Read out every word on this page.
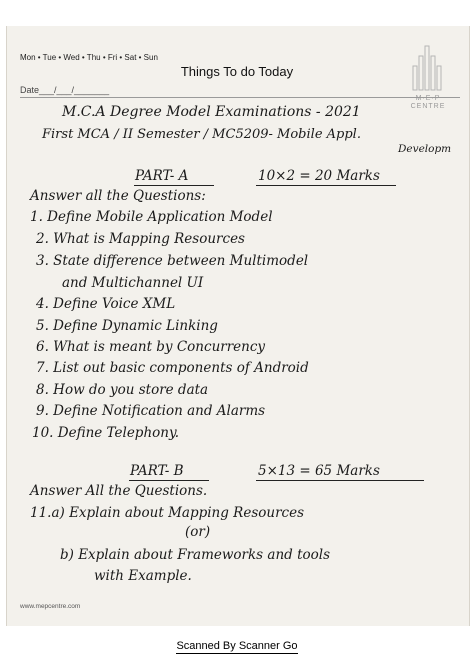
Mon • Tue • Wed • Thu • Fri • Sat • Sun
Things To do Today
Date___/___/_______
M·E·P
CENTRE
M.C.A Degree Model Examinations - 2021
First MCA / II Semester / MC5209- Mobile Appl.
Developm
PART- A	10×2 = 20 Marks
Answer all the Questions:
1. Define Mobile Application Model
2. What is Mapping Resources
3. State difference between Multimodel
and Multichannel UI
4. Define Voice XML
5. Define Dynamic Linking
6. What is meant by Concurrency
7. List out basic components of Android
8. How do you store data
9. Define Notification and Alarms
10. Define Telephony.
PART- B	5×13 = 65 Marks
Answer All the Questions.
11.a) Explain about Mapping Resources
(or)
b) Explain about Frameworks and tools
with Example.
www.mepcentre.com
Scanned By Scanner Go
